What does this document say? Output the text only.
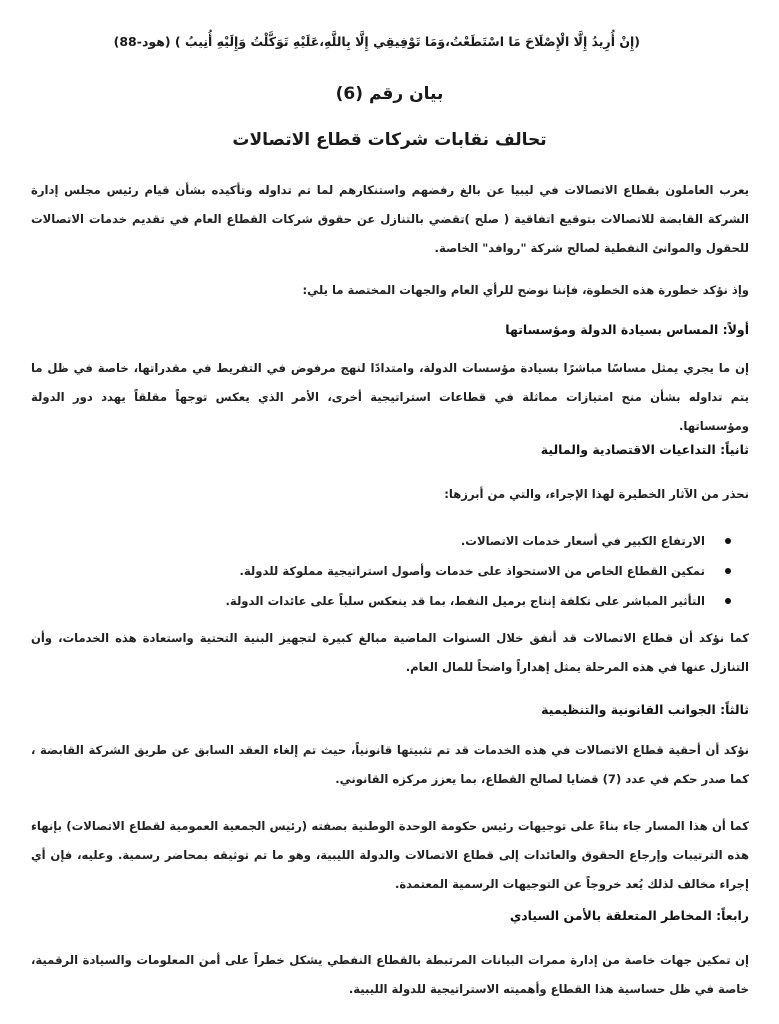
(إِنْ أُرِيدُ إِلَّا الْإِصْلَاحَ مَا اسْتَطَعْتُ،وَمَا تَوْفِيقِي إِلَّا بِاللَّهِ،عَلَيْهِ تَوَكَّلْتُ وَإِلَيْهِ أُنِيبُ ) (هود-88)
بيان رقم (6)
تحالف نقابات شركات قطاع الاتصالات
يعرب العاملون بقطاع الاتصالات في ليبيا عن بالغ رفضهم واستنكارهم لما تم تداوله وتأكيده بشأن قيام رئيس مجلس إدارة الشركة القابضة للاتصالات بتوقيع اتفاقية ( صلح )تقضي بالتنازل عن حقوق شركات القطاع العام في تقديم خدمات الاتصالات للحقول والموانئ النفطية لصالح شركة "روافد" الخاصة.
وإذ نؤكد خطورة هذه الخطوة، فإننا نوضح للرأي العام والجهات المختصة ما يلي:
أولاً: المساس بسيادة الدولة ومؤسساتها
إن ما يجري يمثل مساسًا مباشرًا بسيادة مؤسسات الدولة، وامتدادًا لنهج مرفوض في التفريط في مقدراتها، خاصة في ظل ما يتم تداوله بشأن منح امتيازات مماثلة في قطاعات استراتيجية أخرى، الأمر الذي يعكس توجهاً مقلقاً يهدد دور الدولة ومؤسساتها.
ثانياً: التداعيات الاقتصادية والمالية
نحذر من الآثار الخطيرة لهذا الإجراء، والتي من أبرزها:
الارتفاع الكبير في أسعار خدمات الاتصالات.
تمكين القطاع الخاص من الاستحواذ على خدمات وأصول استراتيجية مملوكة للدولة.
التأثير المباشر على تكلفة إنتاج برميل النفط، بما قد ينعكس سلباً على عائدات الدولة.
كما نؤكد أن قطاع الاتصالات قد أنفق خلال السنوات الماضية مبالغ كبيرة لتجهيز البنية التحتية واستعادة هذه الخدمات، وأن التنازل عنها في هذه المرحلة يمثل إهداراً واضحاً للمال العام.
ثالثاً: الجوانب القانونية والتنظيمية
نؤكد أن أحقية قطاع الاتصالات في هذه الخدمات قد تم تثبيتها قانونياً، حيث تم إلغاء العقد السابق عن طريق الشركة القابضة ، كما صدر حكم في عدد (7) قضايا لصالح القطاع، بما يعزز مركزه القانوني.
كما أن هذا المسار جاء بناءً على توجيهات رئيس حكومة الوحدة الوطنية بصفته (رئيس الجمعية العمومية لقطاع الاتصالات) بإنهاء هذه الترتيبات وإرجاع الحقوق والعائدات إلى قطاع الاتصالات والدولة الليبية، وهو ما تم توثيقه بمحاضر رسمية. وعليه، فإن أي إجراء مخالف لذلك يُعد خروجاً عن التوجيهات الرسمية المعتمدة.
رابعاً: المخاطر المتعلقة بالأمن السيادي
إن تمكين جهات خاصة من إدارة ممرات البيانات المرتبطة بالقطاع النفطي يشكل خطراً على أمن المعلومات والسيادة الرقمية، خاصة في ظل حساسية هذا القطاع وأهميته الاستراتيجية للدولة الليبية.
